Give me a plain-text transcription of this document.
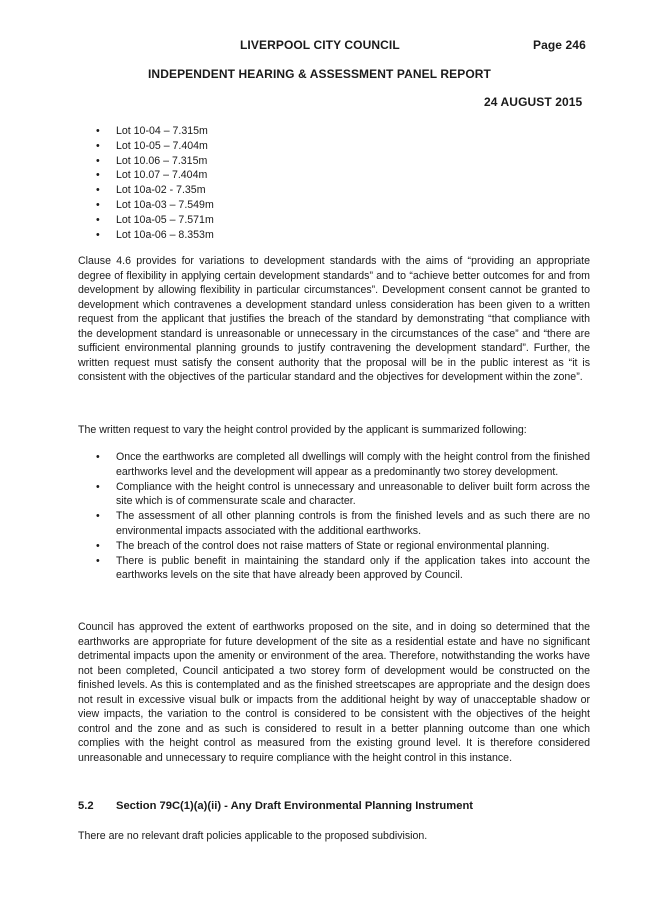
LIVERPOOL CITY COUNCIL	Page 246
INDEPENDENT HEARING & ASSESSMENT PANEL REPORT
24 AUGUST 2015
• Lot 10-04 – 7.315m
• Lot 10-05 – 7.404m
• Lot 10.06 – 7.315m
• Lot 10.07 – 7.404m
• Lot 10a-02 - 7.35m
• Lot 10a-03 – 7.549m
• Lot 10a-05 – 7.571m
• Lot 10a-06 – 8.353m

Clause 4.6 provides for variations to development standards with the aims of “providing an appropriate degree of flexibility in applying certain development standards” and to “achieve better outcomes for and from development by allowing flexibility in particular circumstances”. Development consent cannot be granted to development which contravenes a development standard unless consideration has been given to a written request from the applicant that justifies the breach of the standard by demonstrating “that compliance with the development standard is unreasonable or unnecessary in the circumstances of the case” and “there are sufficient environmental planning grounds to justify contravening the development standard”. Further, the written request must satisfy the consent authority that the proposal will be in the public interest as “it is consistent with the objectives of the particular standard and the objectives for development within the zone”.

The written request to vary the height control provided by the applicant is summarized following:

• Once the earthworks are completed all dwellings will comply with the height control from the finished earthworks level and the development will appear as a predominantly two storey development.
• Compliance with the height control is unnecessary and unreasonable to deliver built form across the site which is of commensurate scale and character.
• The assessment of all other planning controls is from the finished levels and as such there are no environmental impacts associated with the additional earthworks.
• The breach of the control does not raise matters of State or regional environmental planning.
• There is public benefit in maintaining the standard only if the application takes into account the earthworks levels on the site that have already been approved by Council.

Council has approved the extent of earthworks proposed on the site, and in doing so determined that the earthworks are appropriate for future development of the site as a residential estate and have no significant detrimental impacts upon the amenity or environment of the area. Therefore, notwithstanding the works have not been completed, Council anticipated a two storey form of development would be constructed on the finished levels. As this is contemplated and as the finished streetscapes are appropriate and the design does not result in excessive visual bulk or impacts from the additional height by way of unacceptable shadow or view impacts, the variation to the control is considered to be consistent with the objectives of the height control and the zone and as such is considered to result in a better planning outcome than one which complies with the height control as measured from the existing ground level. It is therefore considered unreasonable and unnecessary to require compliance with the height control in this instance.

5.2 Section 79C(1)(a)(ii) - Any Draft Environmental Planning Instrument

There are no relevant draft policies applicable to the proposed subdivision.
